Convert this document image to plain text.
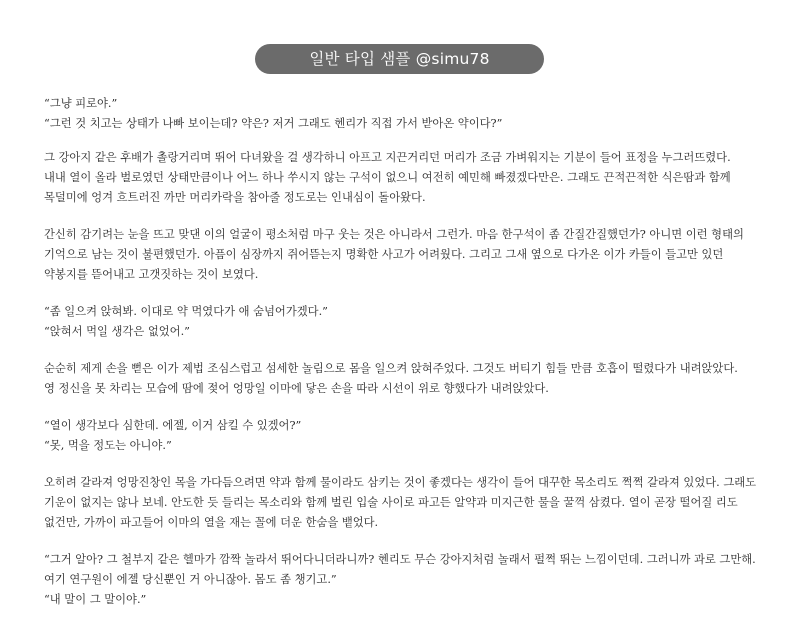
일반 타입 샘플 @simu78
“그냥 피로야.”
“그런 것 치고는 상태가 나빠 보이는데? 약은? 저거 그래도 헨리가 직접 가서 받아온 약이다?”
그 강아지 같은 후배가 촐랑거리며 뛰어 다녀왔을 걸 생각하니 아프고 지끈거리던 머리가 조금 가벼워지는 기분이 들어 표정을 누그러뜨렸다.
내내 열이 올라 벌로였던 상태만큼이나 어느 하나 쑤시지 않는 구석이 없으니 여전히 예민해 빠졌겠다만은. 그래도 끈적끈적한 식은땀과 함께
목덜미에 엉겨 흐트러진 까만 머리카락을 참아줄 정도로는 인내심이 돌아왔다.
간신히 감기려는 눈을 뜨고 맞댄 이의 얼굴이 평소처럼 마구 웃는 것은 아니라서 그런가. 마음 한구석이 좀 간질간질했던가? 아니면 이런 형태의
기억으로 남는 것이 불편했던가. 아픔이 심장까지 쥐어뜯는지 명확한 사고가 어려웠다. 그리고 그새 옆으로 다가온 이가 카들이 들고만 있던
약봉지를 뜯어내고 고갯짓하는 것이 보였다.
“좀 일으켜 앉혀봐. 이대로 약 먹였다가 애 숨넘어가겠다.”
“앉혀서 먹일 생각은 없었어.”
순순히 제게 손을 뻗은 이가 제법 조심스럽고 섬세한 놀림으로 몸을 일으켜 앉혀주었다. 그것도 버티기 힘들 만큼 호흡이 떨렸다가 내려앉았다.
영 정신을 못 차리는 모습에 땀에 젖어 엉망일 이마에 닿은 손을 따라 시선이 위로 향했다가 내려앉았다.
“열이 생각보다 심한데. 에젤, 이거 삼킬 수 있겠어?”
“못, 먹을 정도는 아니야.”
오히려 갈라져 엉망진창인 목을 가다듬으려면 약과 함께 물이라도 삼키는 것이 좋겠다는 생각이 들어 대꾸한 목소리도 쩍쩍 갈라져 있었다. 그래도
기운이 없지는 않나 보네. 안도한 듯 들리는 목소리와 함께 벌린 입술 사이로 파고든 알약과 미지근한 물을 꿀꺽 삼켰다. 열이 곧장 떨어질 리도
없건만, 가까이 파고들어 이마의 열을 재는 꼴에 더운 한숨을 뱉었다.
“그거 알아? 그 철부지 같은 헬마가 깜짝 놀라서 뛰어다니더라니까? 헨리도 무슨 강아지처럼 놀래서 펄쩍 뛰는 느낌이던데. 그러니까 과로 그만해.
여기 연구원이 에젤 당신뿐인 거 아니잖아. 몸도 좀 챙기고.”
“내 말이 그 말이야.”
